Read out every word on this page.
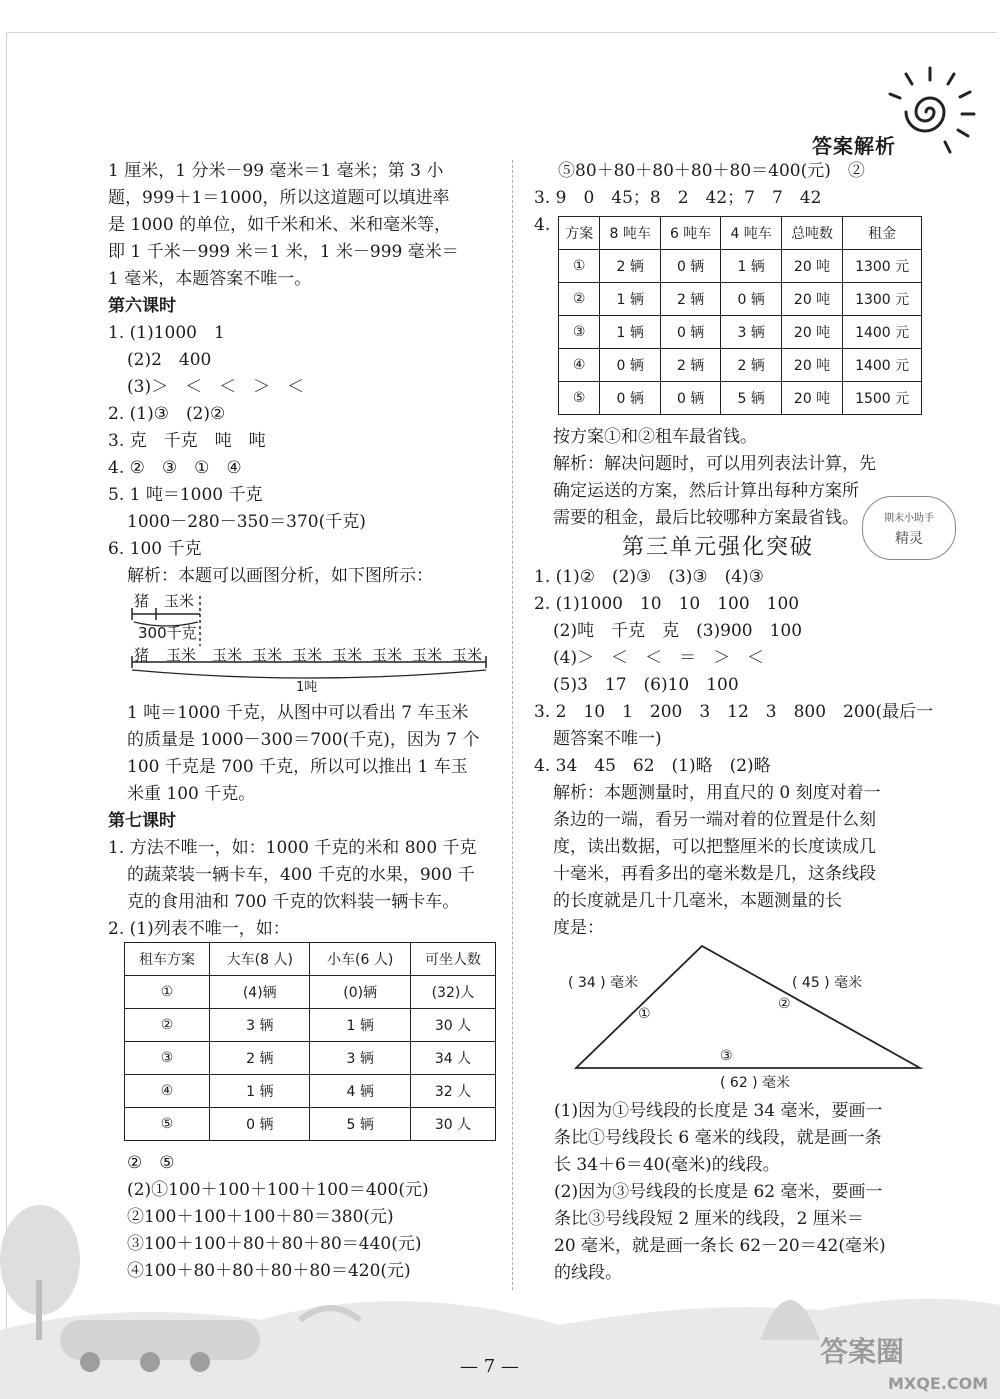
答案解析
1 厘米，1 分米－99 毫米＝1 毫米；第 3 小
题，999＋1＝1000，所以这道题可以填进率
是 1000 的单位，如千米和米、米和毫米等，
即 1 千米－999 米＝1 米，1 米－999 毫米＝
1 毫米，本题答案不唯一。
第六课时
1. (1)1000　1
(2)2　400
(3)＞　＜　＜　＞　＜
2. (1)③　(2)②
3. 克　千克　吨　吨
4. ②　③　①　④
5. 1 吨＝1000 千克
1000－280－350＝370(千克)
6. 100 千克
解析：本题可以画图分析，如下图所示：
猪 玉米
300千克
猪 玉米 玉米 玉米 玉米 玉米 玉米 玉米 玉米
1吨
1 吨＝1000 千克，从图中可以看出 7 车玉米
的质量是 1000－300＝700(千克)，因为 7 个
100 千克是 700 千克，所以可以推出 1 车玉
米重 100 千克。
第七课时
1. 方法不唯一，如：1000 千克的米和 800 千克
的蔬菜装一辆卡车，400 千克的水果，900 千
克的食用油和 700 千克的饮料装一辆卡车。
2. (1)列表不唯一，如：
租车方案	大车(8 人)	小车(6 人)	可坐人数
①	(4)辆	(0)辆	(32)人
②	3 辆	1 辆	30 人
③	2 辆	3 辆	34 人
④	1 辆	4 辆	32 人
⑤	0 辆	5 辆	30 人
②　⑤
(2)①100＋100＋100＋100＝400(元)
②100＋100＋100＋80＝380(元)
③100＋100＋80＋80＋80＝440(元)
④100＋80＋80＋80＋80＝420(元)
⑤80＋80＋80＋80＋80＝400(元)　②
3. 9　0　45；8　2　42；7　7　42
4.	方案	8 吨车	6 吨车	4 吨车	总吨数	租金
①	2 辆	0 辆	1 辆	20 吨	1300 元
②	1 辆	2 辆	0 辆	20 吨	1300 元
③	1 辆	0 辆	3 辆	20 吨	1400 元
④	0 辆	2 辆	2 辆	20 吨	1400 元
⑤	0 辆	0 辆	5 辆	20 吨	1500 元
按方案①和②租车最省钱。
解析：解决问题时，可以用列表法计算，先
确定运送的方案，然后计算出每种方案所
需要的租金，最后比较哪种方案最省钱。	期末小助手
精灵
第三单元强化突破
1. (1)②　(2)③　(3)③　(4)③
2. (1)1000　10　10　100　100
(2)吨　千克　克　(3)900　100
(4)＞　＜　＜　＝　＞　＜
(5)3　17　(6)10　100
3. 2　10　1　200　3　12　3　800　200(最后一
题答案不唯一)
4. 34　45　62　(1)略　(2)略
解析：本题测量时，用直尺的 0 刻度对着一
条边的一端，看另一端对着的位置是什么刻
度，读出数据，可以把整厘米的长度读成几
十毫米，再看多出的毫米数是几，这条线段
的长度就是几十几毫米，本题测量的长
度是：
( 34 ) 毫米	( 45 ) 毫米
( 62 ) 毫米
①
②
③
(1)因为①号线段的长度是 34 毫米，要画一
条比①号线段长 6 毫米的线段，就是画一条
长 34＋6＝40(毫米)的线段。
(2)因为③号线段的长度是 62 毫米，要画一
条比③号线段短 2 厘米的线段，2 厘米＝
20 毫米，就是画一条长 62－20＝42(毫米)
的线段。
— 7 —	答案圈
MXQE.COM
